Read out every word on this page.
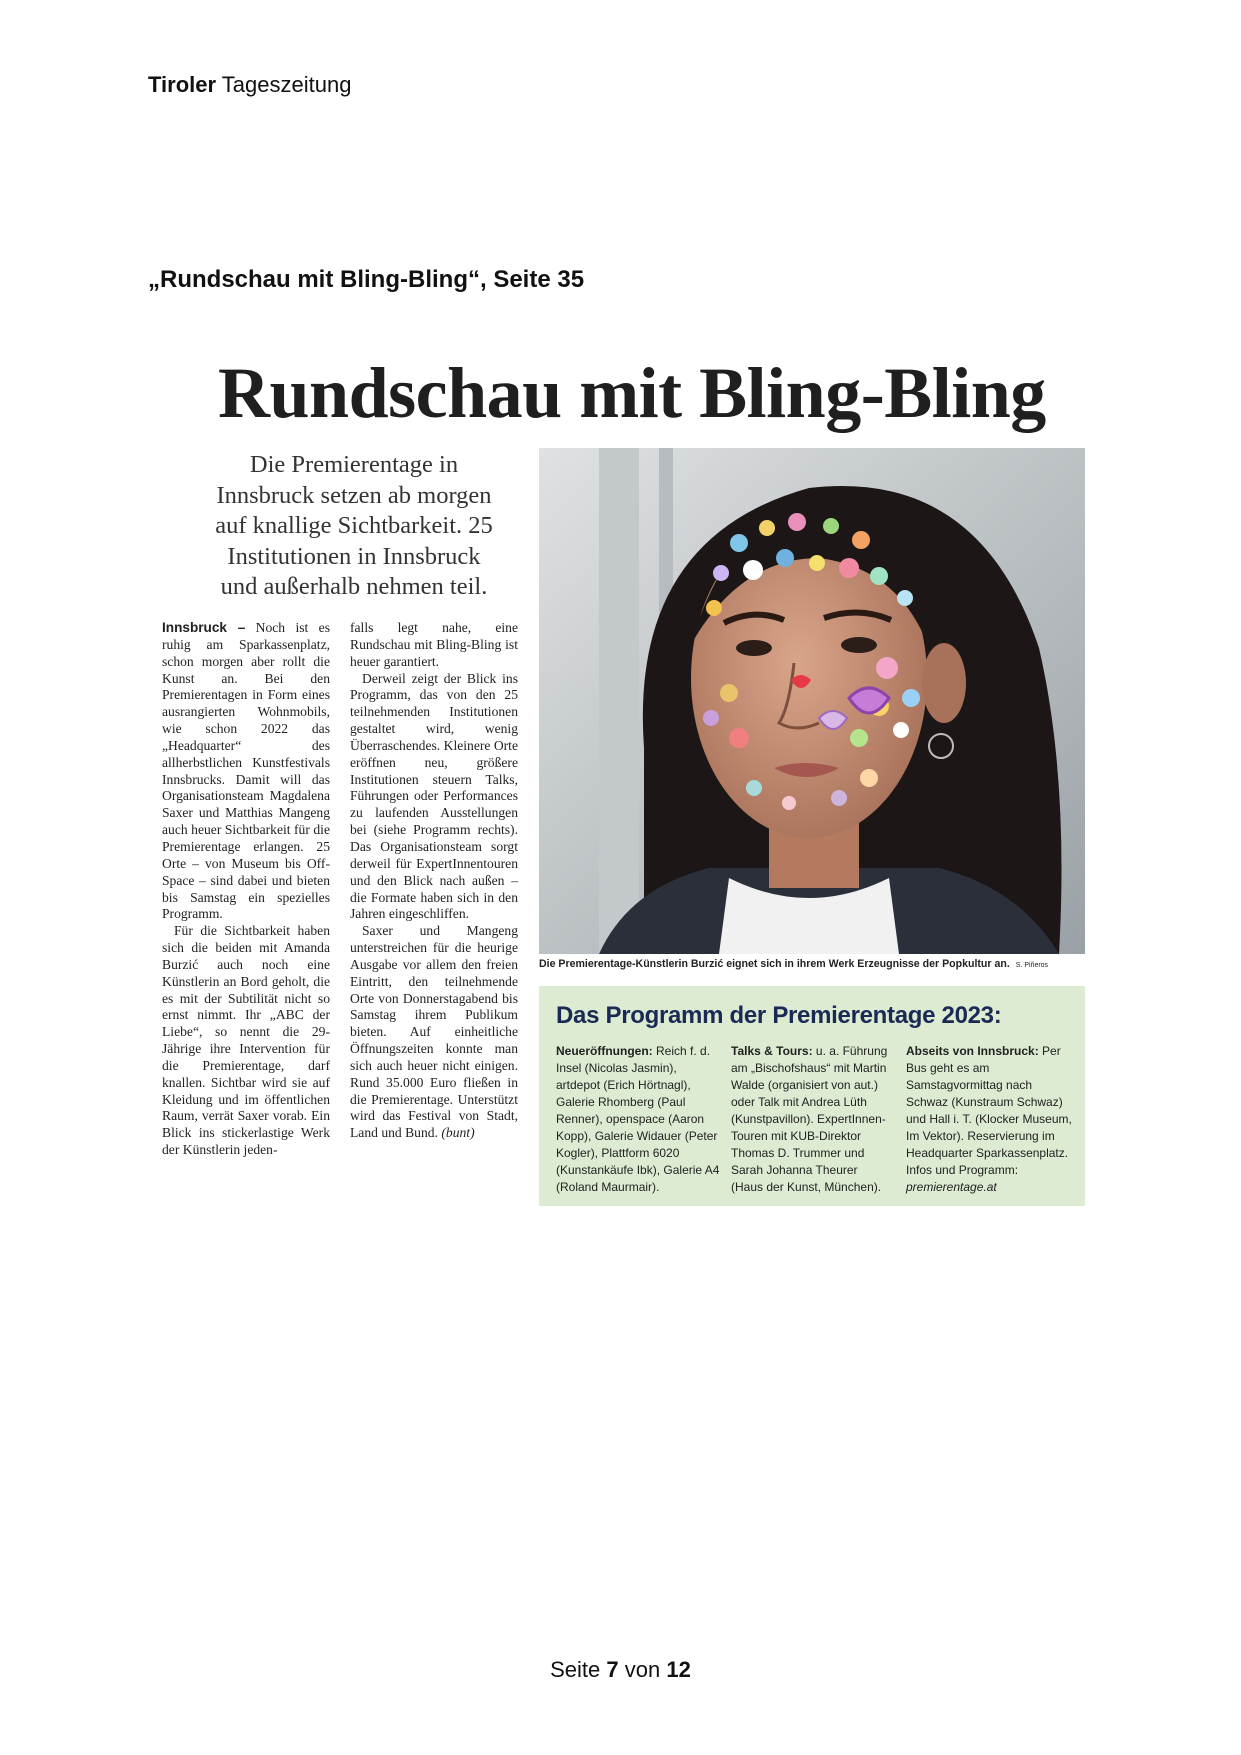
Tiroler Tageszeitung
„Rundschau mit Bling-Bling“, Seite 35
Rundschau mit Bling-Bling
Die Premierentage in
Innsbruck setzen ab morgen
auf knallige Sichtbarkeit. 25
Institutionen in Innsbruck
und außerhalb nehmen teil.

Innsbruck – Noch ist es ruhig am Sparkassenplatz, schon morgen aber rollt die Kunst an. Bei den Premierentagen in Form eines ausrangierten Wohnmobils, wie schon 2022 das „Headquarter“ des allherbstlichen Kunstfestivals Innsbrucks. Damit will das Organisationsteam Magdalena Saxer und Matthias Mangeng auch heuer Sichtbarkeit für die Premierentage erlangen. 25 Orte – von Museum bis Off-Space – sind dabei und bieten bis Samstag ein spezielles Programm.

Für die Sichtbarkeit haben sich die beiden mit Amanda Burzić auch noch eine Künstlerin an Bord geholt, die es mit der Subtilität nicht so ernst nimmt. Ihr „ABC der Liebe“, so nennt die 29-Jährige ihre Intervention für die Premierentage, darf knallen. Sichtbar wird sie auf Kleidung und im öffentlichen Raum, verrät Saxer vorab. Ein Blick ins stickerlastige Werk der Künstlerin jeden-

falls legt nahe, eine Rundschau mit Bling-Bling ist heuer garantiert.

Derweil zeigt der Blick ins Programm, das von den 25 teilnehmenden Institutionen gestaltet wird, wenig Überraschendes. Kleinere Orte eröffnen neu, größere Institutionen steuern Talks, Führungen oder Performances zu laufenden Ausstellungen bei (siehe Programm rechts). Das Organisationsteam sorgt derweil für ExpertInnentouren und den Blick nach außen – die Formate haben sich in den Jahren eingeschliffen.

Saxer und Mangeng unterstreichen für die heurige Ausgabe vor allem den freien Eintritt, den teilnehmende Orte von Donnerstagabend bis Samstag ihrem Publikum bieten. Auf einheitliche Öffnungszeiten konnte man sich auch heuer nicht einigen. Rund 35.000 Euro fließen in die Premierentage. Unterstützt wird das Festival von Stadt, Land und Bund. (bunt)

Die Premierentage-Künstlerin Burzić eignet sich in ihrem Werk Erzeugnisse der Popkultur an. S. Piñeros
Das Programm der Premierentage 2023:
Neueröffnungen: Reich f. d. Insel (Nicolas Jasmin), artdepot (Erich Hörtnagl), Galerie Rhomberg (Paul Renner), openspace (Aaron Kopp), Galerie Widauer (Peter Kogler), Plattform 6020 (Kunstankäufe Ibk), Galerie A4 (Roland Maurmair).
Talks & Tours: u. a. Führung am „Bischofshaus“ mit Martin Walde (organisiert von aut.) oder Talk mit Andrea Lüth (Kunstpavillon). ExpertInnen-Touren mit KUB-Direktor Thomas D. Trummer und Sarah Johanna Theurer (Haus der Kunst, München).
Abseits von Innsbruck: Per Bus geht es am Samstagvormittag nach Schwaz (Kunstraum Schwaz) und Hall i. T. (Klocker Museum, Im Vektor). Reservierung im Headquarter Sparkassenplatz. Infos und Programm: premierentage.at
Seite 7 von 12
